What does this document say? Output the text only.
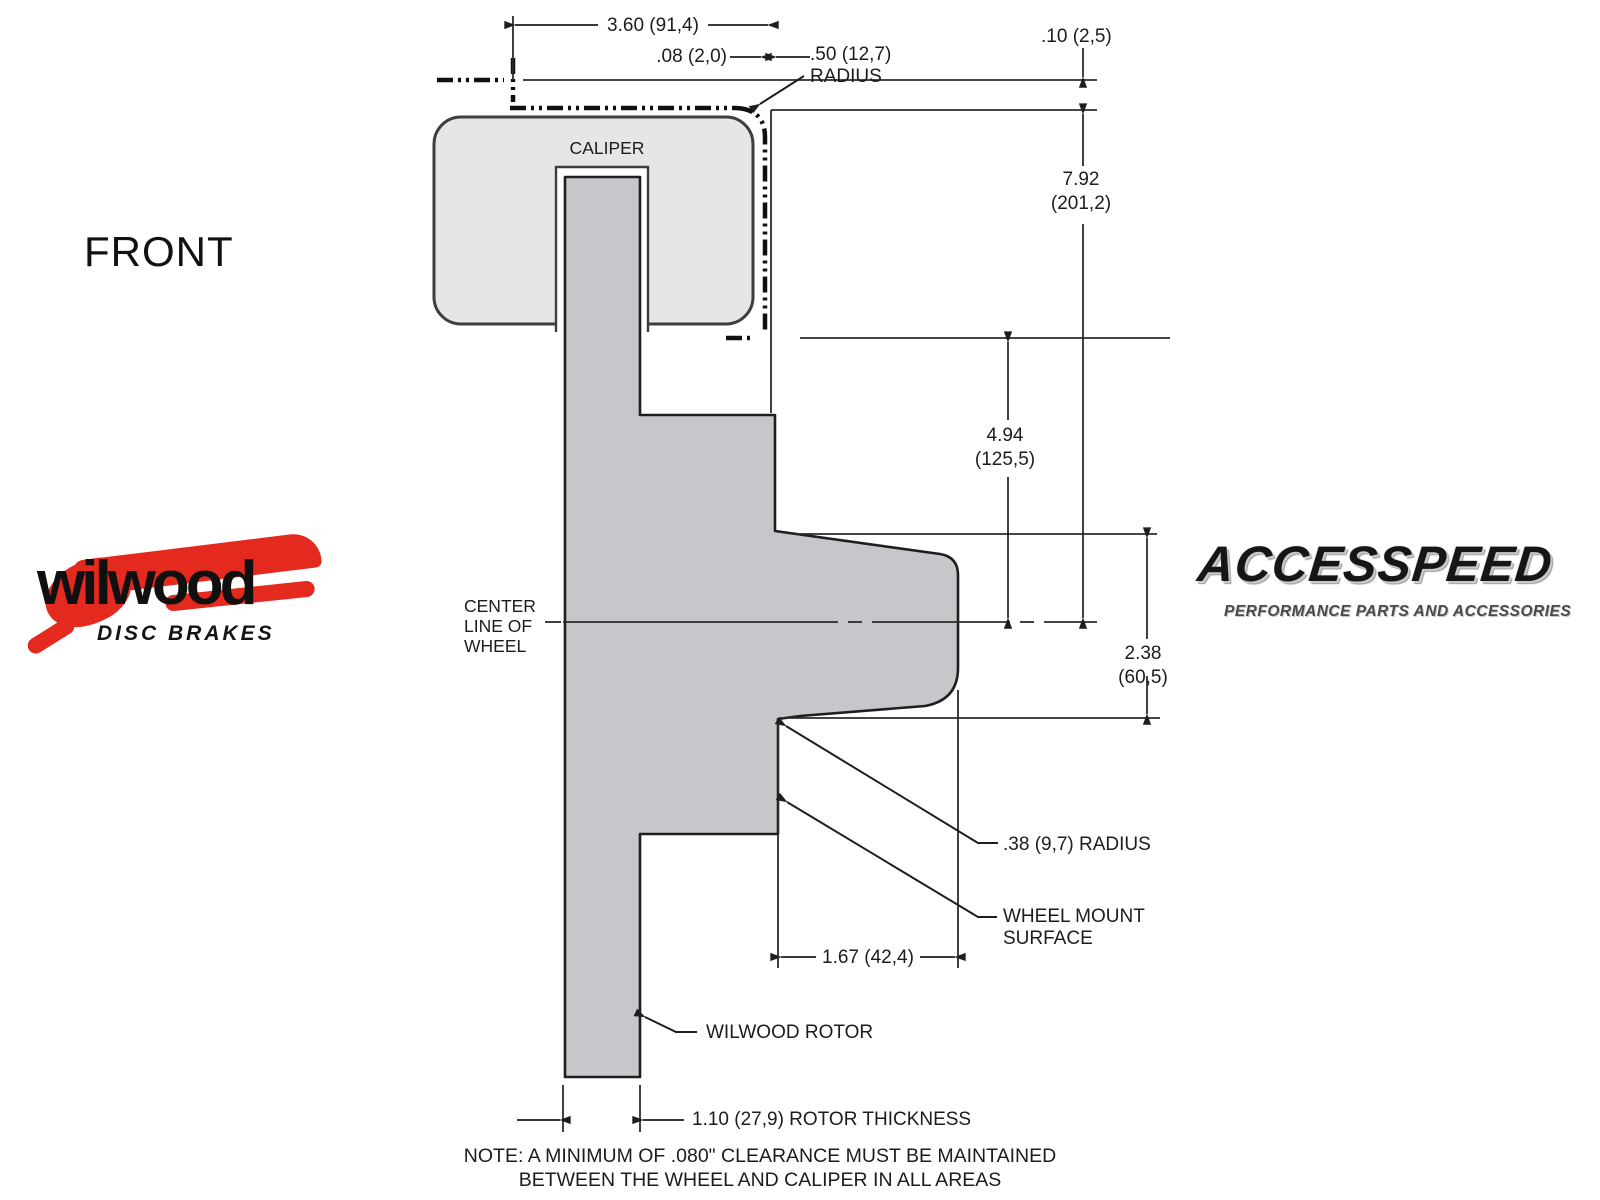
FRONT
CALIPER
3.60 (91,4)
.08 (2,0)	.50 (12,7)
RADIUS
.10 (2,5)
7.92
(201,2)
4.94
(125,5)
2.38
(60,5)
CENTER
LINE OF
WHEEL
.38 (9,7) RADIUS
WHEEL MOUNT
SURFACE
1.67 (42,4)
WILWOOD ROTOR
1.10 (27,9) ROTOR THICKNESS
NOTE: A MINIMUM OF .080" CLEARANCE MUST BE MAINTAINED
BETWEEN THE WHEEL AND CALIPER IN ALL AREAS
wilwood
DISC BRAKES
ACCESSPEED
PERFORMANCE PARTS AND ACCESSORIES
